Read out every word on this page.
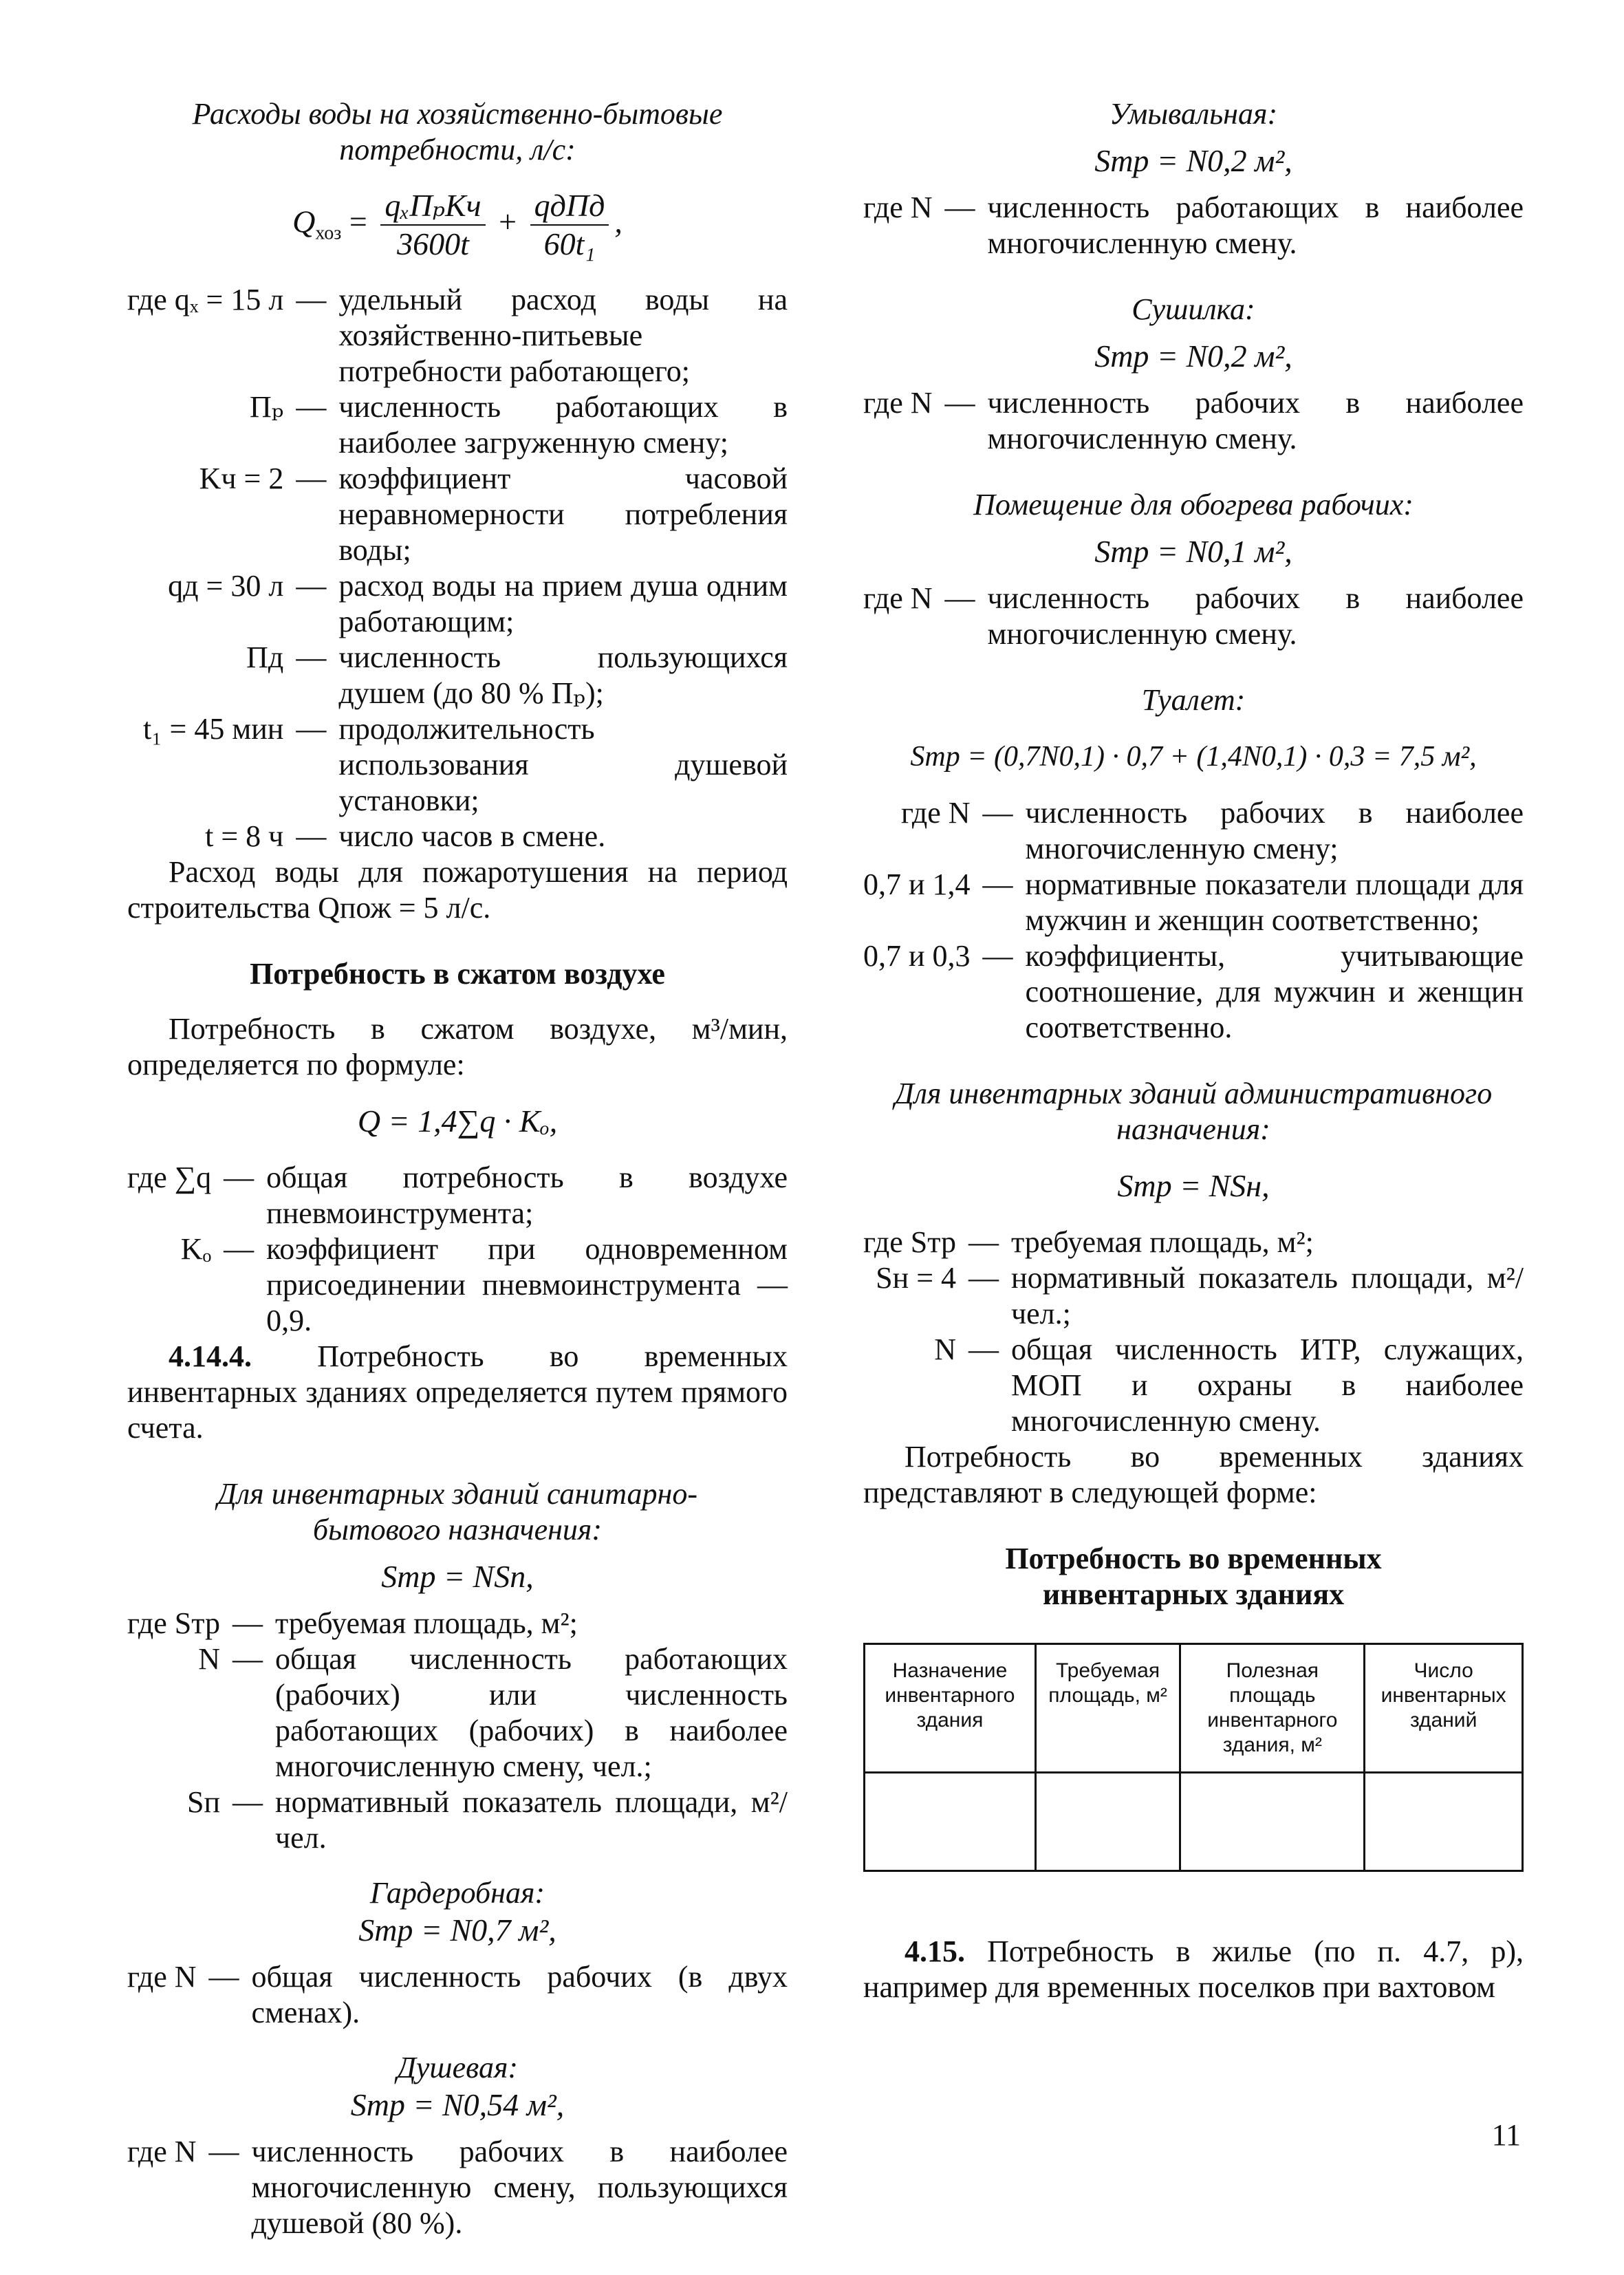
Расходы воды на хозяйственно-бытовые потребности, л/с:
$Q_{хоз} = \frac{\text{qₓПₚKч}}{3600t} + \frac{\text{qдПд}}{\text{60t₁}}$ ,
где qₓ = 15 л — удельный расход воды на хозяйственно-питьевые потребности работающего;
Пₚ — численность работающих в наиболее загруженную смену;
Kч = 2 — коэффициент часовой неравномерности потребления воды;
qд = 30 л — расход воды на прием душа одним работающим;
Пд — численность пользующихся душем (до 80 % Пₚ);
t₁ = 45 мин — продолжительность использования душевой установки;
t = 8 ч — число часов в смене.
Расход воды для пожаротушения на период строительства Qпож = 5 л/с.
Потребность в сжатом воздухе
Потребность в сжатом воздухе, м³/мин, определяется по формуле:
Q = 1,4∑q · Kₒ,
где ∑q — общая потребность в воздухе пневмоинструмента;
Kₒ — коэффициент при одновременном присоединении пневмоинструмента — 0,9.
4.14.4. Потребность во временных инвентарных зданиях определяется путем прямого счета.
Для инвентарных зданий санитарно-бытового назначения:
Sтр = NSп,
где Sтр — требуемая площадь, м²;
N — общая численность работающих (рабочих) или численность работающих (рабочих) в наиболее многочисленную смену, чел.;
Sп — нормативный показатель площади, м²/чел.
Гардеробная:
Sтр = N0,7 м²,
где N — общая численность рабочих (в двух сменах).
Душевая:
Sтр = N0,54 м²,
где N — численность рабочих в наиболее многочисленную смену, пользующихся душевой (80 %).
Умывальная:
Sтр = N0,2 м²,
где N — численность работающих в наиболее многочисленную смену.
Сушилка:
Sтр = N0,2 м²,
где N — численность рабочих в наиболее многочисленную смену.
Помещение для обогрева рабочих:
Sтр = N0,1 м²,
где N — численность рабочих в наиболее многочисленную смену.
Туалет:
Sтр = (0,7N0,1) · 0,7 + (1,4N0,1) · 0,3 = 7,5 м²,
где N — численность рабочих в наиболее многочисленную смену;
0,7 и 1,4 — нормативные показатели площади для мужчин и женщин соответственно;
0,7 и 0,3 — коэффициенты, учитывающие соотношение, для мужчин и женщин соответственно.
Для инвентарных зданий административного назначения:
Sтр = NSн,
где Sтр — требуемая площадь, м²;
Sн = 4 — нормативный показатель площади, м²/чел.;
N — общая численность ИТР, служащих, МОП и охраны в наиболее многочисленную смену.
Потребность во временных зданиях представляют в следующей форме:
Потребность во временных инвентарных зданиях
Назначение инвентарного здания	Требуемая площадь, м²	Полезная площадь инвентарного здания, м²	Число инвентарных зданий

4.15. Потребность в жилье (по п. 4.7, р), например для временных поселков при вахтовом
11
